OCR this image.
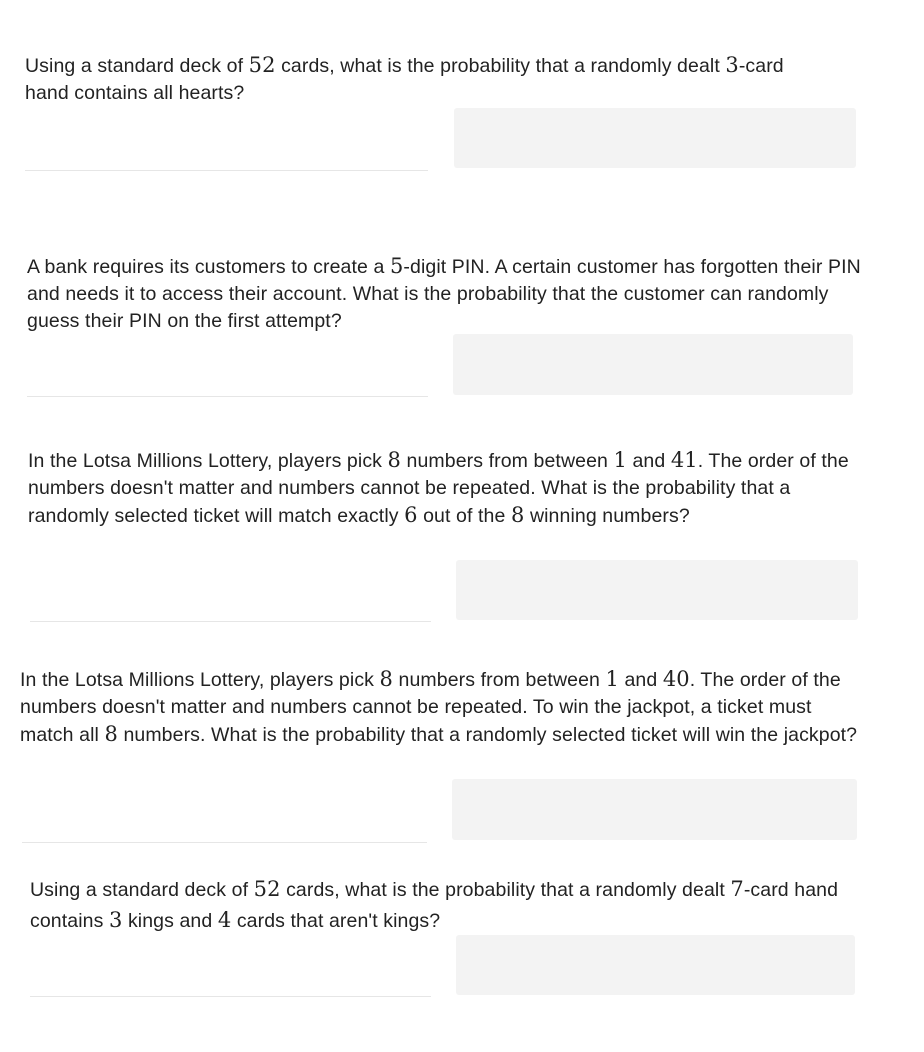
Using a standard deck of 52 cards, what is the probability that a randomly dealt 3-card hand contains all hearts?
A bank requires its customers to create a 5-digit PIN. A certain customer has forgotten their PIN and needs it to access their account. What is the probability that the customer can randomly guess their PIN on the first attempt?
In the Lotsa Millions Lottery, players pick 8 numbers from between 1 and 41. The order of the numbers doesn't matter and numbers cannot be repeated. What is the probability that a randomly selected ticket will match exactly 6 out of the 8 winning numbers?
In the Lotsa Millions Lottery, players pick 8 numbers from between 1 and 40. The order of the numbers doesn't matter and numbers cannot be repeated. To win the jackpot, a ticket must match all 8 numbers. What is the probability that a randomly selected ticket will win the jackpot?
Using a standard deck of 52 cards, what is the probability that a randomly dealt 7-card hand contains 3 kings and 4 cards that aren't kings?
